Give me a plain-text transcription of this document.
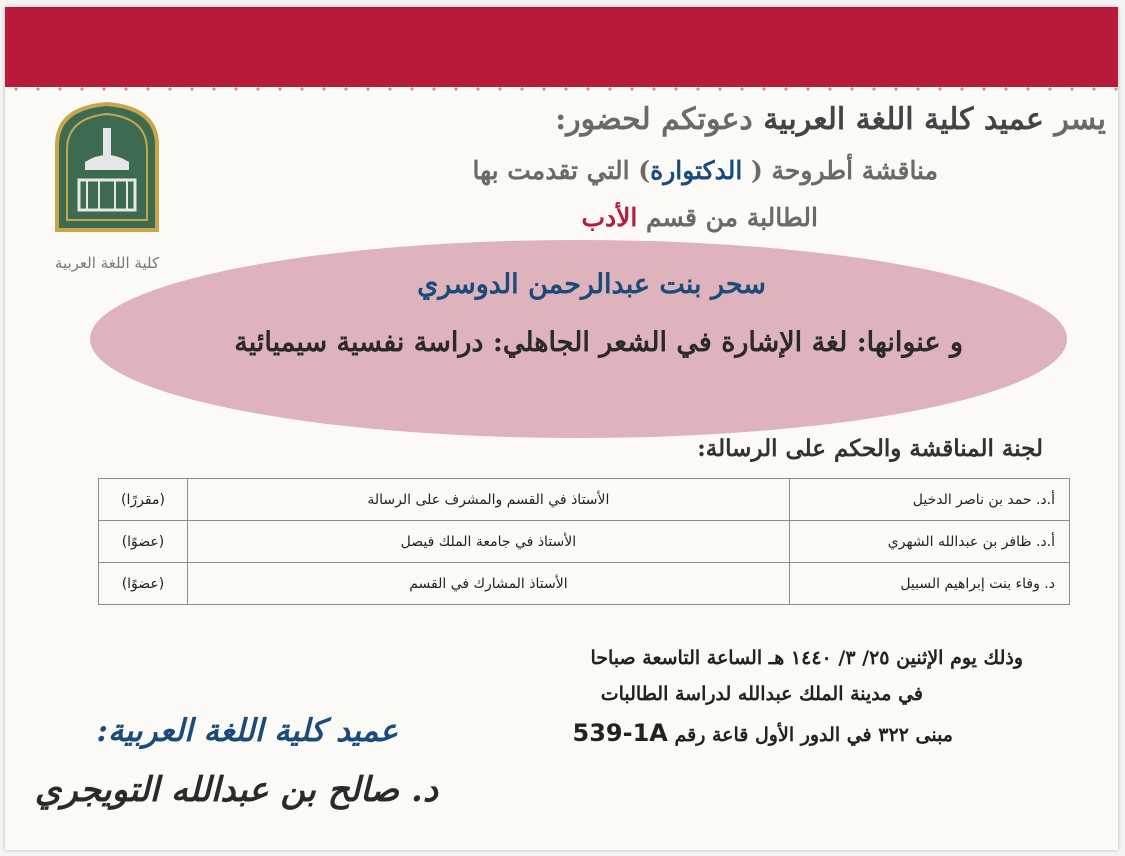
كلية اللغة العربية
يسر عميد كلية اللغة العربية دعوتكم لحضور:
مناقشة أطروحة ( الدكتوارة) التي تقدمت بها
الطالبة من قسم الأدب
سحر بنت عبدالرحمن الدوسري
و عنوانها: لغة الإشارة في الشعر الجاهلي: دراسة نفسية سيميائية
لجنة المناقشة والحكم على الرسالة:
أ.د. حمد بن ناصر الدخيل	الأستاذ في القسم والمشرف على الرسالة	(مقررًا)
أ.د. ظافر بن عبدالله الشهري	الأستاذ في جامعة الملك فيصل	(عضوًا)
د. وفاء بنت إبراهيم السبيل	الأستاذ المشارك في القسم	(عضوًا)
وذلك يوم الإثنين ٢٥/ ٣/ ١٤٤٠ هـ الساعة التاسعة صباحا
في مدينة الملك عبدالله لدراسة الطالبات
مبنى ٣٢٢ في الدور الأول قاعة رقم 539-1A
عميد كلية اللغة العربية:
د. صالح بن عبدالله التويجري
